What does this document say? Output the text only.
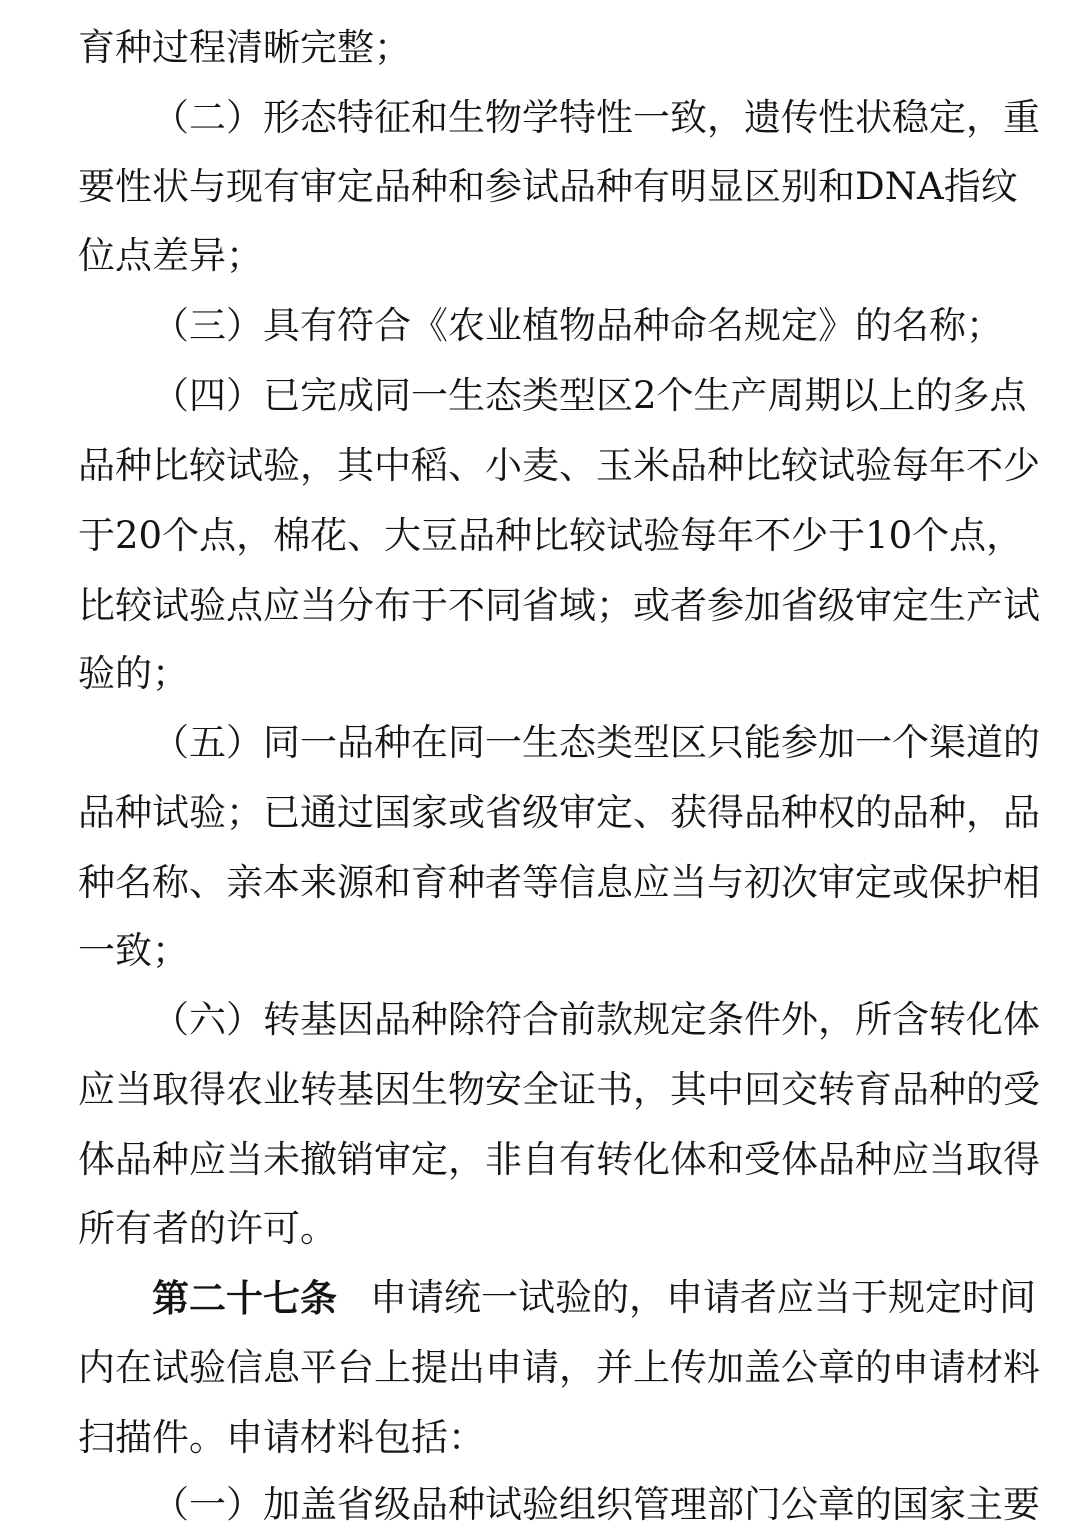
育种过程清晰完整；
（二）形态特征和生物学特性一致，遗传性状稳定，重
要性状与现有审定品种和参试品种有明显区别和DNA指纹
位点差异；
（三）具有符合《农业植物品种命名规定》的名称；
（四）已完成同一生态类型区2个生产周期以上的多点
品种比较试验，其中稻、小麦、玉米品种比较试验每年不少
于20个点，棉花、大豆品种比较试验每年不少于10个点，
比较试验点应当分布于不同省域；或者参加省级审定生产试
验的；
（五）同一品种在同一生态类型区只能参加一个渠道的
品种试验；已通过国家或省级审定、获得品种权的品种，品
种名称、亲本来源和育种者等信息应当与初次审定或保护相
一致；
（六）转基因品种除符合前款规定条件外，所含转化体
应当取得农业转基因生物安全证书，其中回交转育品种的受
体品种应当未撤销审定，非自有转化体和受体品种应当取得
所有者的许可。
第二十七条 申请统一试验的，申请者应当于规定时间
内在试验信息平台上提出申请，并上传加盖公章的申请材料
扫描件。申请材料包括：
（一）加盖省级品种试验组织管理部门公章的国家主要
